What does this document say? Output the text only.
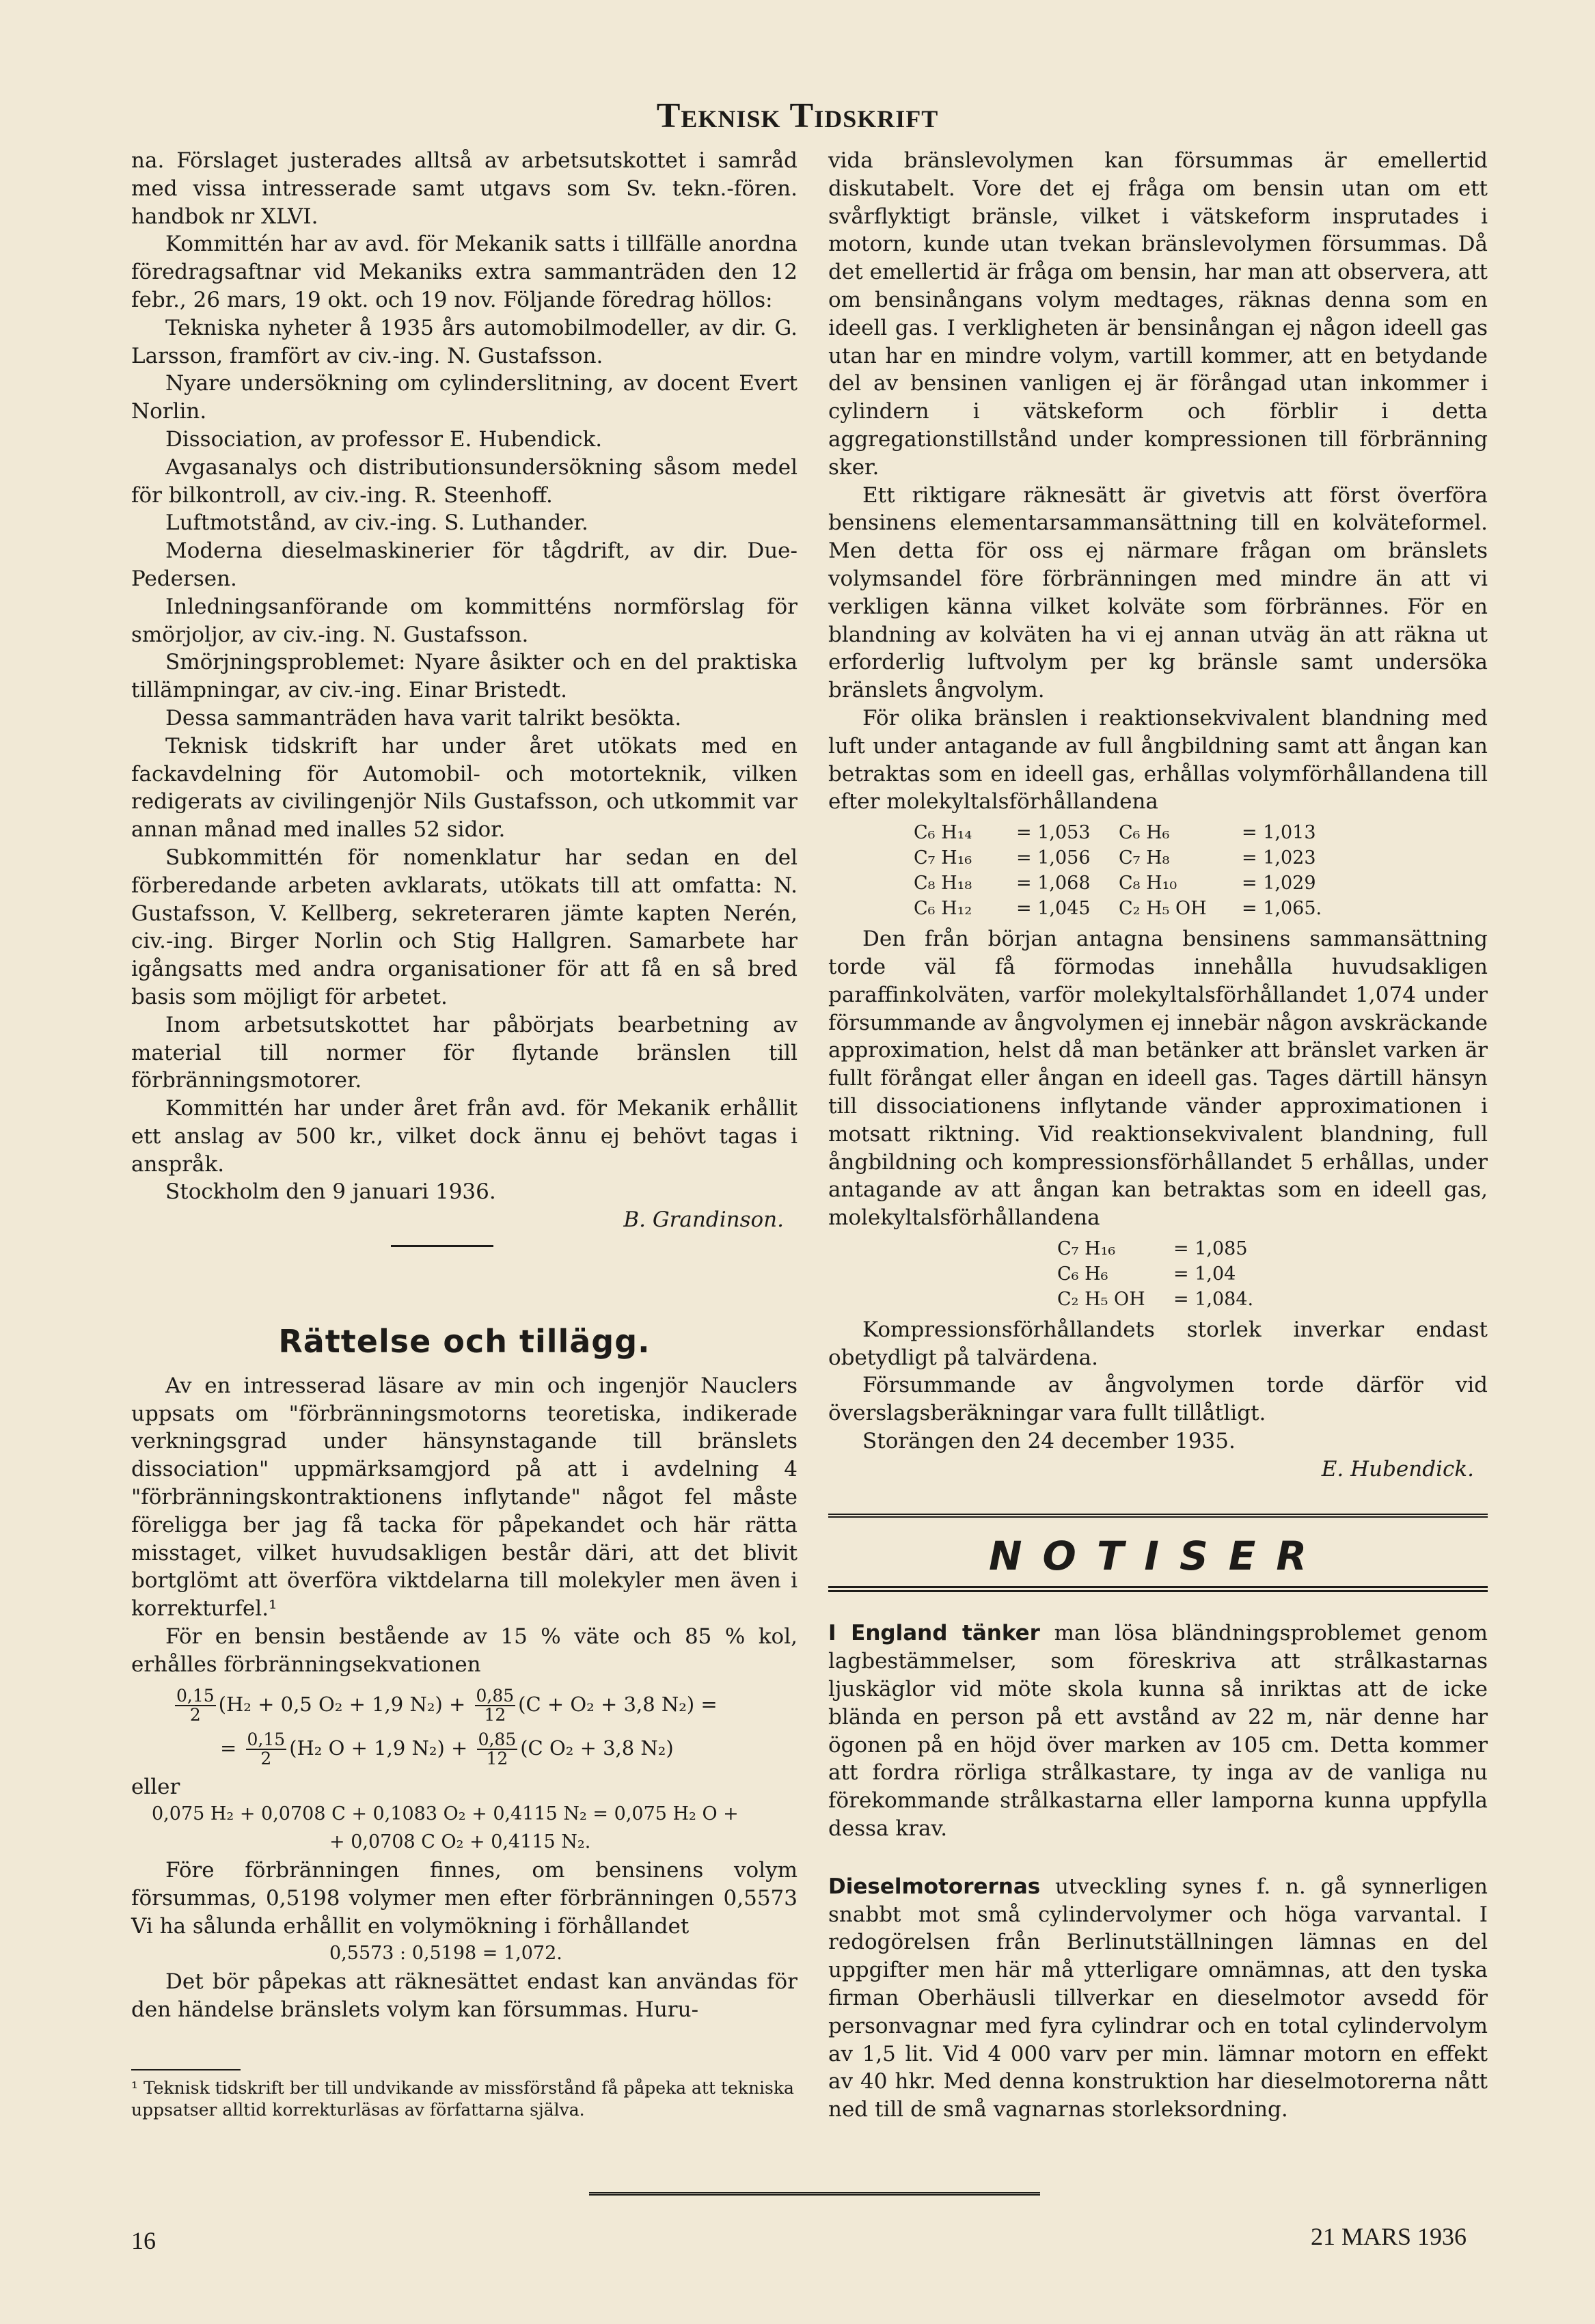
Teknisk Tidskrift

na. Förslaget justerades alltså av arbetsutskottet i samråd med vissa intresserade samt utgavs som Sv. tekn.-fören. handbok nr XLVI.

Kommittén har av avd. för Mekanik satts i tillfälle anordna föredragsaftnar vid Mekaniks extra sammanträden den 12 febr., 26 mars, 19 okt. och 19 nov. Följande föredrag höllos:

Tekniska nyheter å 1935 års automobilmodeller, av dir. G. Larsson, framfört av civ.-ing. N. Gustafsson.

Nyare undersökning om cylinderslitning, av docent Evert Norlin.

Dissociation, av professor E. Hubendick.

Avgasanalys och distributionsundersökning såsom medel för bilkontroll, av civ.-ing. R. Steenhoff.

Luftmotstånd, av civ.-ing. S. Luthander.

Moderna dieselmaskinerier för tågdrift, av dir. Due-Pedersen.

Inledningsanförande om kommitténs normförslag för smörjoljor, av civ.-ing. N. Gustafsson.

Smörjningsproblemet: Nyare åsikter och en del praktiska tillämpningar, av civ.-ing. Einar Bristedt.

Dessa sammanträden hava varit talrikt besökta.

Teknisk tidskrift har under året utökats med en fackavdelning för Automobil- och motorteknik, vilken redigerats av civilingenjör Nils Gustafsson, och utkommit var annan månad med inalles 52 sidor.

Subkommittén för nomenklatur har sedan en del förberedande arbeten avklarats, utökats till att omfatta: N. Gustafsson, V. Kellberg, sekreteraren jämte kapten Nerén, civ.-ing. Birger Norlin och Stig Hallgren. Samarbete har igångsatts med andra organisationer för att få en så bred basis som möjligt för arbetet.

Inom arbetsutskottet har påbörjats bearbetning av material till normer för flytande bränslen till förbränningsmotorer.

Kommittén har under året från avd. för Mekanik erhållit ett anslag av 500 kr., vilket dock ännu ej behövt tagas i anspråk.

Stockholm den 9 januari 1936.

B. Grandinson.

Rättelse och tillägg.

Av en intresserad läsare av min och ingenjör Nauclers uppsats om "förbränningsmotorns teoretiska, indikerade verkningsgrad under hänsynstagande till bränslets dissociation" uppmärksamgjord på att i avdelning 4 "förbränningskontraktionens inflytande" något fel måste föreligga ber jag få tacka för påpekandet och här rätta misstaget, vilket huvudsakligen består däri, att det blivit bortglömt att överföra viktdelarna till molekyler men även i korrekturfel.¹

För en bensin bestående av 15 % väte och 85 % kol, erhålles förbränningsekvationen

$\frac{0,15}{2} (H_2 + 0,5$ O₂ + 1,9 $N_2) + \frac{0,85}{12} (C + O_2 + 3,8$ N₂) =
= $\frac{0,15}{2} (H_2$ O + 1,9 $N_2) + \frac{0,85}{12} (C$ O₂ + 3,8 N₂)

eller

0,075 H₂ + 0,0708 C + 0,1083 O₂ + 0,4115 N₂ = 0,075 H₂ O +
+ 0,0708 C O₂ + 0,4115 N₂.

Före förbränningen finnes, om bensinens volym försummas, 0,5198 volymer men efter förbränningen 0,5573 Vi ha sålunda erhållit en volymökning i förhållandet

0,5573 : 0,5198 = 1,072.

Det bör påpekas att räknesättet endast kan användas för den händelse bränslets volym kan försummas. Huru-

¹ Teknisk tidskrift ber till undvikande av missförstånd få påpeka att tekniska uppsatser alltid korrekturläsas av författarna själva.

vida bränslevolymen kan försummas är emellertid diskutabelt. Vore det ej fråga om bensin utan om ett svårflyktigt bränsle, vilket i vätskeform insprutades i motorn, kunde utan tvekan bränslevolymen försummas. Då det emellertid är fråga om bensin, har man att observera, att om bensinångans volym medtages, räknas denna som en ideell gas. I verkligheten är bensinångan ej någon ideell gas utan har en mindre volym, vartill kommer, att en betydande del av bensinen vanligen ej är förångad utan inkommer i cylindern i vätskeform och förblir i detta aggregationstillstånd under kompressionen till förbränning sker.

Ett riktigare räknesätt är givetvis att först överföra bensinens elementarsammansättning till en kolväteformel. Men detta för oss ej närmare frågan om bränslets volymsandel före förbränningen med mindre än att vi verkligen känna vilket kolväte som förbrännes. För en blandning av kolväten ha vi ej annan utväg än att räkna ut erforderlig luftvolym per kg bränsle samt undersöka bränslets ångvolym.

För olika bränslen i reaktionsekvivalent blandning med luft under antagande av full ångbildning samt att ångan kan betraktas som en ideell gas, erhållas volymförhållandena till efter molekyltalsförhållandena

C₆ H₁₄	= 1,053	C₆ H₆	= 1,013
C₇ H₁₆	= 1,056	C₇ H₈	= 1,023
C₈ H₁₈	= 1,068	C₈ H₁₀	= 1,029
C₆ H₁₂	= 1,045	C₂ H₅ OH	= 1,065.

Den från början antagna bensinens sammansättning torde väl få förmodas innehålla huvudsakligen paraffinkolväten, varför molekyltalsförhållandet 1,074 under försummande av ångvolymen ej innebär någon avskräckande approximation, helst då man betänker att bränslet varken är fullt förångat eller ångan en ideell gas. Tages därtill hänsyn till dissociationens inflytande vänder approximationen i motsatt riktning. Vid reaktionsekvivalent blandning, full ångbildning och kompressionsförhållandet 5 erhållas, under antagande av att ångan kan betraktas som en ideell gas, molekyltalsförhållandena

C₇ H₁₆	= 1,085
C₆ H₆	= 1,04
C₂ H₅ OH	= 1,084.

Kompressionsförhållandets storlek inverkar endast obetydligt på talvärdena.

Försummande av ångvolymen torde därför vid överslagsberäkningar vara fullt tillåtligt.

Storängen den 24 december 1935.

E. Hubendick.

NOTISER

I England tänker man lösa bländningsproblemet genom lagbestämmelser, som föreskriva att strålkastarnas ljuskäglor vid möte skola kunna så inriktas att de icke blända en person på ett avstånd av 22 m, när denne har ögonen på en höjd över marken av 105 cm. Detta kommer att fordra rörliga strålkastare, ty inga av de vanliga nu förekommande strålkastarna eller lamporna kunna uppfylla dessa krav.

Dieselmotorernas utveckling synes f. n. gå synnerligen snabbt mot små cylindervolymer och höga varvantal. I redogörelsen från Berlinutställningen lämnas en del uppgifter men här må ytterligare omnämnas, att den tyska firman Oberhäusli tillverkar en dieselmotor avsedd för personvagnar med fyra cylindrar och en total cylindervolym av 1,5 lit. Vid 4 000 varv per min. lämnar motorn en effekt av 40 hkr. Med denna konstruktion har dieselmotorerna nått ned till de små vagnarnas storleksordning.

16	21 MARS 1936
